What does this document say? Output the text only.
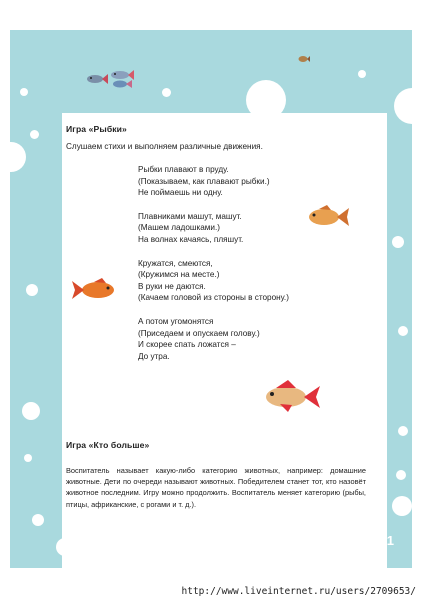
31
Игра «Рыбки»
Слушаем стихи и выполняем различные движения.
Рыбки плавают в пруду.
(Показываем, как плавают рыбки.)
Не поймаешь ни одну.
Плавниками машут, машут.
(Машем ладошками.)
На волнах качаясь, пляшут.
Кружатся, смеются,
(Кружимся на месте.)
В руки не даются.
(Качаем головой из стороны в сторону.)
А потом угомонятся
(Приседаем и опускаем голову.)
И скорее спать ложатся –
До утра.
Игра «Кто больше»
Воспитатель называет какую-либо категорию животных, например: домашние животные. Дети по очереди называют животных. Победителем станет тот, кто назовёт животное последним. Игру можно продолжить. Воспитатель меняет категорию (рыбы, птицы, африканские, с рогами и т. д.).
http://www.liveinternet.ru/users/2709653/
